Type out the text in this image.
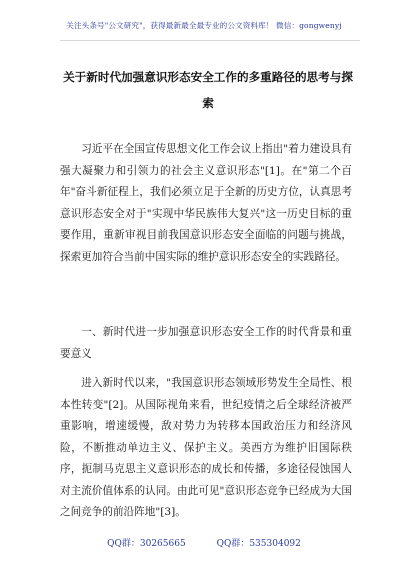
关注头条号"公文研究"，获得最新最全最专业的公文资料库！ 微信：gongwenyj
关于新时代加强意识形态安全工作的多重路径的思考与探索
习近平在全国宣传思想文化工作会议上指出"着力建设具有强大凝聚力和引领力的社会主义意识形态"[1]。在"第二个百年"奋斗新征程上，我们必须立足于全新的历史方位，认真思考意识形态安全对于"实现中华民族伟大复兴"这一历史目标的重要作用，重新审视目前我国意识形态安全面临的问题与挑战，探索更加符合当前中国实际的维护意识形态安全的实践路径。
一、新时代进一步加强意识形态安全工作的时代背景和重要意义
进入新时代以来，"我国意识形态领域形势发生全局性、根本性转变"[2]。从国际视角来看，世纪疫情之后全球经济被严重影响，增速缓慢，敌对势力为转移本国政治压力和经济风险，不断推动单边主义、保护主义。美西方为维护旧国际秩序，扼制马克思主义意识形态的成长和传播，多途径侵蚀国人对主流价值体系的认同。由此可见"意识形态竞争已经成为大国之间竞争的前沿阵地"[3]。
QQ群：30265665	QQ群：535304092
